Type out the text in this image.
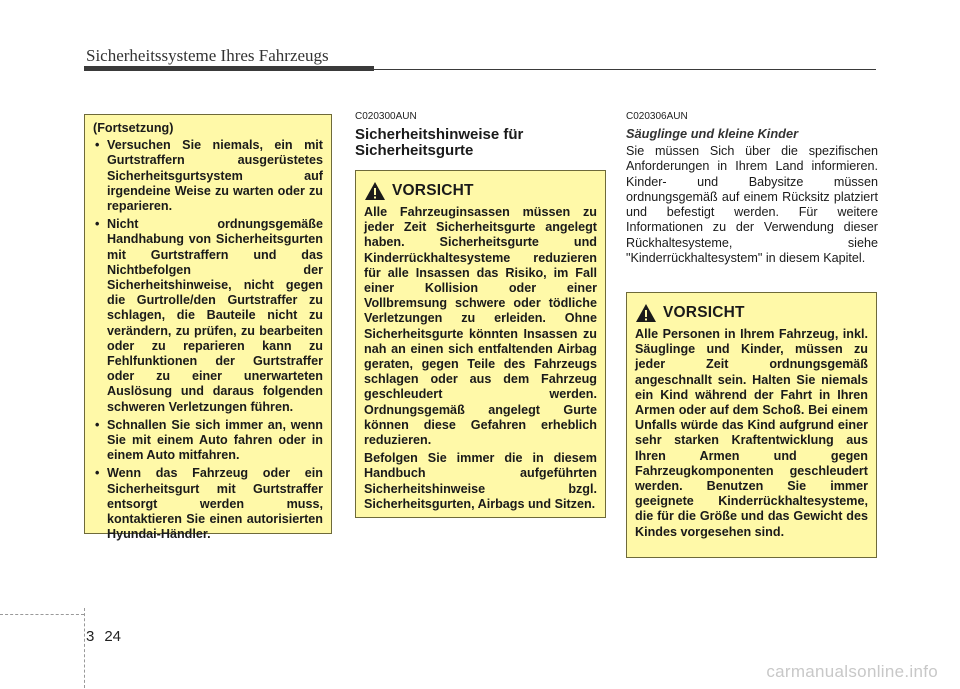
Sicherheitssysteme Ihres Fahrzeugs

(Fortsetzung)

• Versuchen Sie niemals, ein mit Gurtstraffern ausgerüstetes Sicherheitsgurtsystem auf irgendeine Weise zu warten oder zu reparieren.
• Nicht ordnungsgemäße Handhabung von Sicherheitsgurten mit Gurtstraffern und das Nichtbefolgen der Sicherheitshinweise, nicht gegen die Gurtrolle/den Gurtstraffer zu schlagen, die Bauteile nicht zu verändern, zu prüfen, zu bearbeiten oder zu reparieren kann zu Fehlfunktionen der Gurtstraffer oder zu einer unerwarteten Auslösung und daraus folgenden schweren Verletzungen führen.
• Schnallen Sie sich immer an, wenn Sie mit einem Auto fahren oder in einem Auto mitfahren.
• Wenn das Fahrzeug oder ein Sicherheitsgurt mit Gurtstraffer entsorgt werden muss, kontaktieren Sie einen autorisierten Hyundai-Händler.
C020300AUN
Sicherheitshinweise für Sicherheitsgurte
VORSICHT

Alle Fahrzeuginsassen müssen zu jeder Zeit Sicherheitsgurte angelegt haben. Sicherheitsgurte und Kinderrückhaltesysteme reduzieren für alle Insassen das Risiko, im Fall einer Kollision oder einer Vollbremsung schwere oder tödliche Verletzungen zu erleiden. Ohne Sicherheitsgurte könnten Insassen zu nah an einen sich entfaltenden Airbag geraten, gegen Teile des Fahrzeugs schlagen oder aus dem Fahrzeug geschleudert werden. Ordnungsgemäß angelegt Gurte können diese Gefahren erheblich reduzieren.

Befolgen Sie immer die in diesem Handbuch aufgeführten Sicherheitshinweise bzgl. Sicherheitsgurten, Airbags und Sitzen.

C020306AUN
Säuglinge und kleine Kinder

Sie müssen Sich über die spezifischen Anforderungen in Ihrem Land informieren. Kinder- und Babysitze müssen ordnungsgemäß auf einem Rücksitz platziert und befestigt werden. Für weitere Informationen zu der Verwendung dieser Rückhaltesysteme, siehe "Kinderrückhaltesystem" in diesem Kapitel.

VORSICHT

Alle Personen in Ihrem Fahrzeug, inkl. Säuglinge und Kinder, müssen zu jeder Zeit ordnungsgemäß angeschnallt sein. Halten Sie niemals ein Kind während der Fahrt in Ihren Armen oder auf dem Schoß. Bei einem Unfalls würde das Kind aufgrund einer sehr starken Kraftentwicklung aus Ihren Armen und gegen Fahrzeugkomponenten geschleudert werden. Benutzen Sie immer geeignete Kinderrückhaltesysteme, die für die Größe und das Gewicht des Kindes vorgesehen sind.

3 24
carmanualsonline.info
